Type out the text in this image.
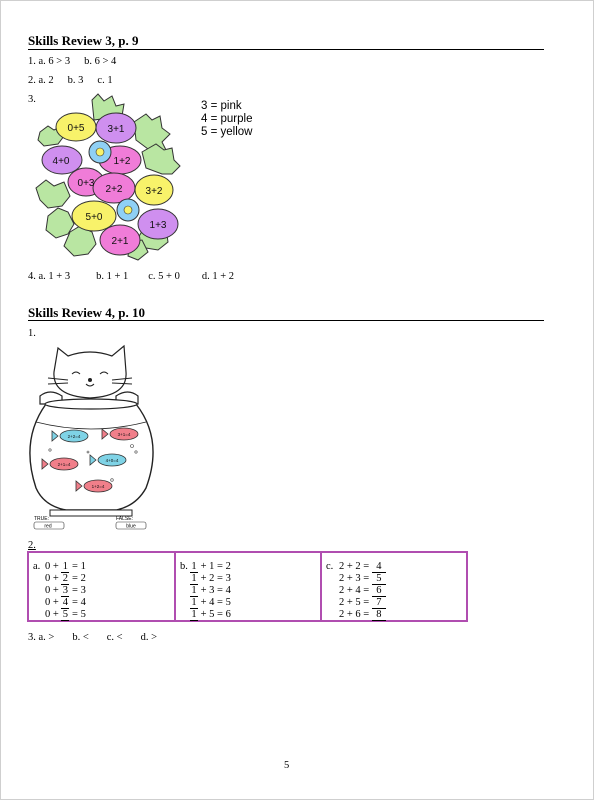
Skills Review 3, p. 9
1. a. 6 > 3 b. 6 > 4
2. a. 2 b. 3 c. 1
3.
0+5 3+1
4+0	1+2
0+3
2+2 3+2
5+0
1+3
2+1
3 = pink
4 = purple
5 = yellow
4. a. 1 + 3 b. 1 + 1 c. 5 + 0 d. 1 + 2
Skills Review 4, p. 10
1.
2+2=4	3+1=4
2+1=4
4+0=4
1+2=4
TRUE:
red
FALSE:
blue
2.
a. 0 + 1 = 1
0 + 2 = 2
0 + 3 = 3
0 + 4 = 4
0 + 5 = 5
b. 1 + 1 = 2
1 + 2 = 3
1 + 3 = 4
1 + 4 = 5
1 + 5 = 6
c. 2 + 2 = 4
2 + 3 = 5
2 + 4 = 6
2 + 5 = 7
2 + 6 = 8
3. a. > b. < c. < d. >
5
